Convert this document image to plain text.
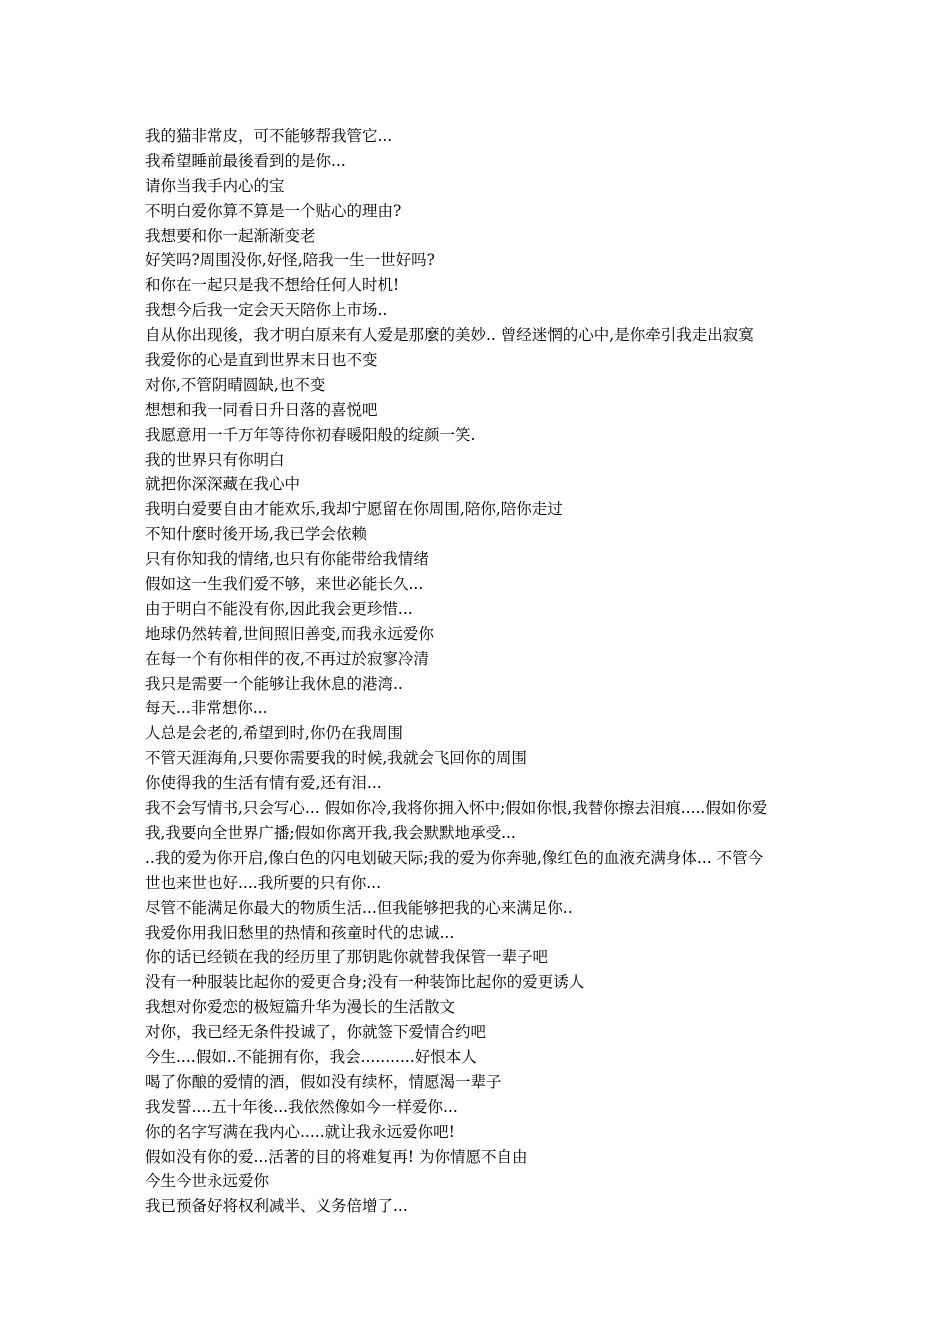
我的猫非常皮，可不能够帮我管它...
我希望睡前最後看到的是你...
请你当我手内心的宝
不明白爱你算不算是一个贴心的理由?
我想要和你一起渐渐变老
好笑吗?周围没你,好怪,陪我一生一世好吗?
和你在一起只是我不想给任何人时机!
我想今后我一定会天天陪你上市场..
自从你出现後，我才明白原来有人爱是那麼的美妙.. 曾经迷惘的心中,是你牵引我走出寂寞
我爱你的心是直到世界末日也不变
对你,不管阴晴圆缺,也不变
想想和我一同看日升日落的喜悦吧
我愿意用一千万年等待你初春暖阳般的绽颜一笑.
我的世界只有你明白
就把你深深藏在我心中
我明白爱要自由才能欢乐,我却宁愿留在你周围,陪你,陪你走过
不知什麼时後开场,我已学会依赖
只有你知我的情绪,也只有你能带给我情绪
假如这一生我们爱不够，来世必能长久...
由于明白不能没有你,因此我会更珍惜...
地球仍然转着,世间照旧善变,而我永远爱你
在每一个有你相伴的夜,不再过於寂寥冷清
我只是需要一个能够让我休息的港湾..
每天...非常想你...
人总是会老的,希望到时,你仍在我周围
不管天涯海角,只要你需要我的时候,我就会飞回你的周围
你使得我的生活有情有爱,还有泪...
我不会写情书,只会写心... 假如你冷,我将你拥入怀中;假如你恨,我替你擦去泪痕.....假如你爱
我,我要向全世界广播;假如你离开我,我会默默地承受...
..我的爱为你开启,像白色的闪电划破天际;我的爱为你奔驰,像红色的血液充满身体... 不管今
世也来世也好....我所要的只有你...
尽管不能满足你最大的物质生活...但我能够把我的心来满足你..
我爱你用我旧愁里的热情和孩童时代的忠诚...
你的话已经锁在我的经历里了那钥匙你就替我保管一辈子吧
没有一种服装比起你的爱更合身;没有一种装饰比起你的爱更诱人
我想对你爱恋的极短篇升华为漫长的生活散文
对你，我已经无条件投诚了，你就签下爱情合约吧
今生....假如..不能拥有你，我会...........好恨本人
喝了你酿的爱情的酒，假如没有续杯，情愿渴一辈子
我发誓....五十年後...我依然像如今一样爱你...
你的名字写满在我内心.....就让我永远爱你吧!
假如没有你的爱...活著的目的将难复再! 为你情愿不自由
今生今世永远爱你
我已预备好将权利减半、义务倍增了...
